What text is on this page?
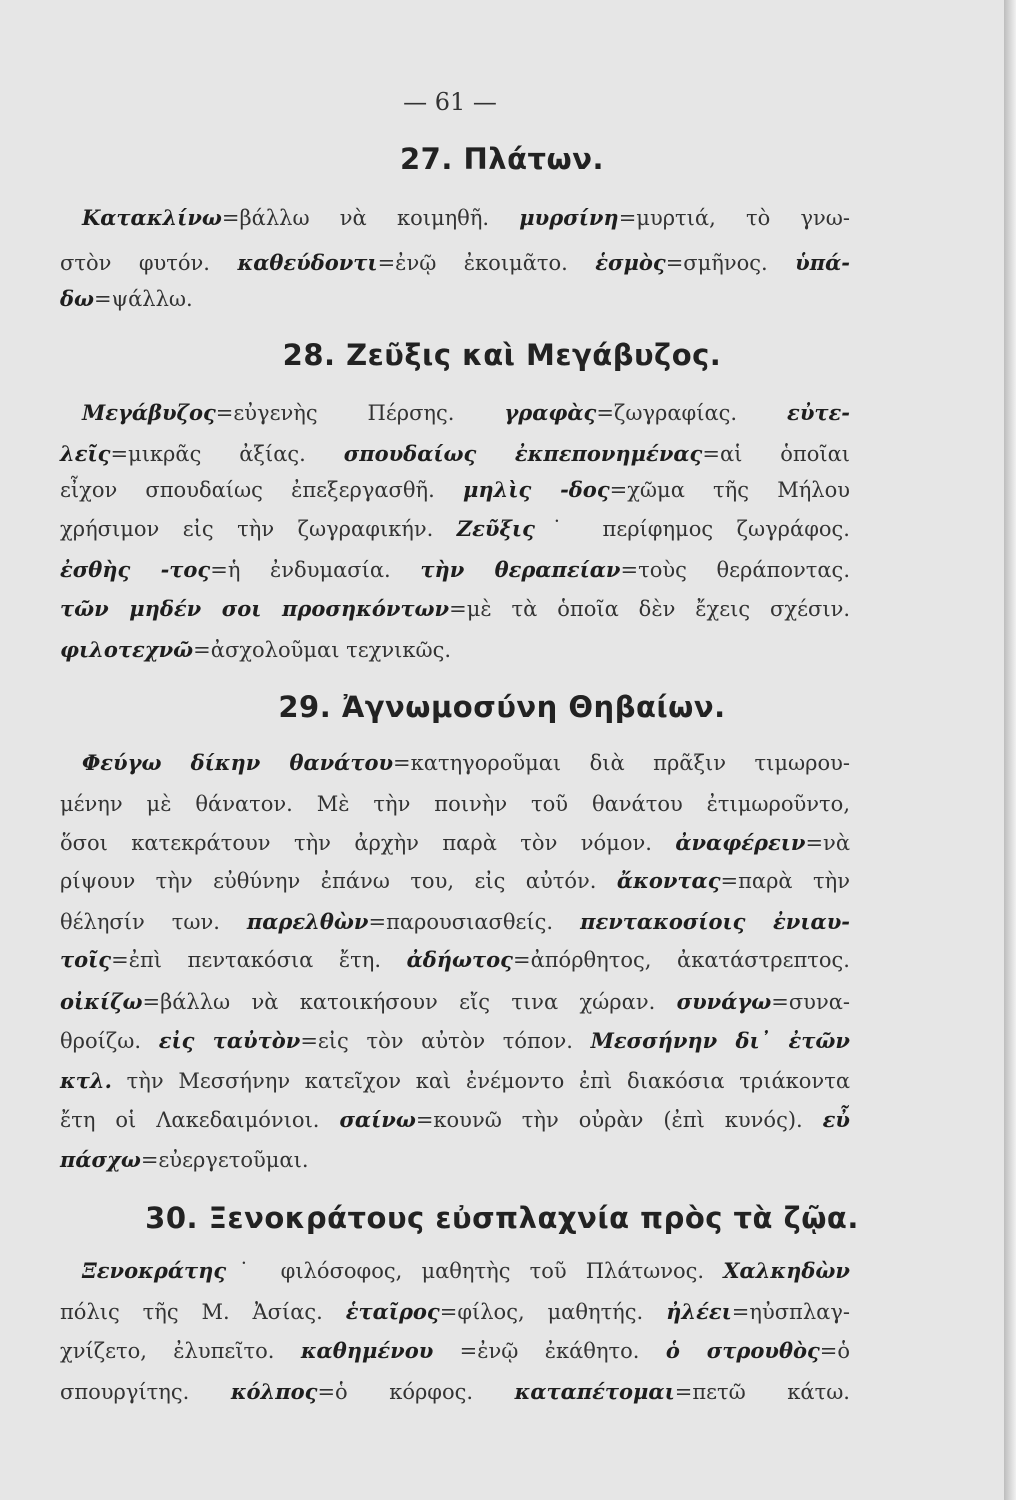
— 61 —
27. Πλάτων.
Κατακλίνω=βάλλω νὰ κοιμηθῆ. μυρσίνη=μυρτιά, τὸ γνω-
στὸν φυτόν. καθεύδοντι=ἐνῷ ἐκοιμᾶτο. ἑσμὸς=σμῆνος. ὑπά-
δω=ψάλλω.
28. Ζεῦξις καὶ Μεγάβυζος.
Μεγάβυζος=εὐγενὴς Πέρσης. γραφὰς=ζωγραφίας. εὐτε-
λεῖς=μικρᾶς ἀξίας. σπουδαίως ἐκπεπονημένας=αἱ ὁποῖαι
εἶχον σπουδαίως ἐπεξεργασθῆ. μηλὶς -δος=χῶμα τῆς Μήλου
χρήσιμον εἰς τὴν ζωγραφικήν. Ζεῦξις˙ περίφημος ζωγράφος.
ἐσθὴς -τος=ἡ ἐνδυμασία. τὴν θεραπείαν=τοὺς θεράποντας.
τῶν μηδέν σοι προσηκόντων=μὲ τὰ ὁποῖα δὲν ἔχεις σχέσιν.
φιλοτεχνῶ=ἀσχολοῦμαι τεχνικῶς.
29. Ἀγνωμοσύνη Θηβαίων.
Φεύγω δίκην θανάτου=κατηγοροῦμαι διὰ πρᾶξιν τιμωρου-
μένην μὲ θάνατον. Μὲ τὴν ποινὴν τοῦ θανάτου ἐτιμωροῦντο,
ὅσοι κατεκράτουν τὴν ἀρχὴν παρὰ τὸν νόμον. ἀναφέρειν=νὰ
ρίψουν τὴν εὐθύνην ἐπάνω του, εἰς αὐτόν. ἄκοντας=παρὰ τὴν
θέλησίν των. παρελθὼν=παρουσιασθείς. πεντακοσίοις ἐνιαυ-
τοῖς=ἐπὶ πεντακόσια ἔτη. ἀδήωτος=ἀπόρθητος, ἀκατάστρεπτος.
οἰκίζω=βάλλω νὰ κατοικήσουν εἴς τινα χώραν. συνάγω=συνα-
θροίζω. εἰς ταὐτὸν=εἰς τὸν αὐτὸν τόπον. Μεσσήνην δι᾽ ἐτῶν
κτλ. τὴν Μεσσήνην κατεῖχον καὶ ἐνέμοντο ἐπὶ διακόσια τριάκοντα
ἔτη οἱ Λακεδαιμόνιοι. σαίνω=κουνῶ τὴν οὐρὰν (ἐπὶ κυνός). εὖ
πάσχω=εὐεργετοῦμαι.
30. Ξενοκράτους εὐσπλαχνία πρὸς τὰ ζῷα.
Ξενοκράτης˙ φιλόσοφος, μαθητὴς τοῦ Πλάτωνος. Χαλκηδὼν
πόλις τῆς Μ. Ἀσίας. ἑταῖρος=φίλος, μαθητής. ἠλέει=ηὐσπλαγ-
χνίζετο, ἐλυπεῖτο. καθημένου =ἐνῷ ἐκάθητο. ὁ στρουθὸς=ὁ
σπουργίτης. κόλπος=ὁ κόρφος. καταπέτομαι=πετῶ κάτω.
